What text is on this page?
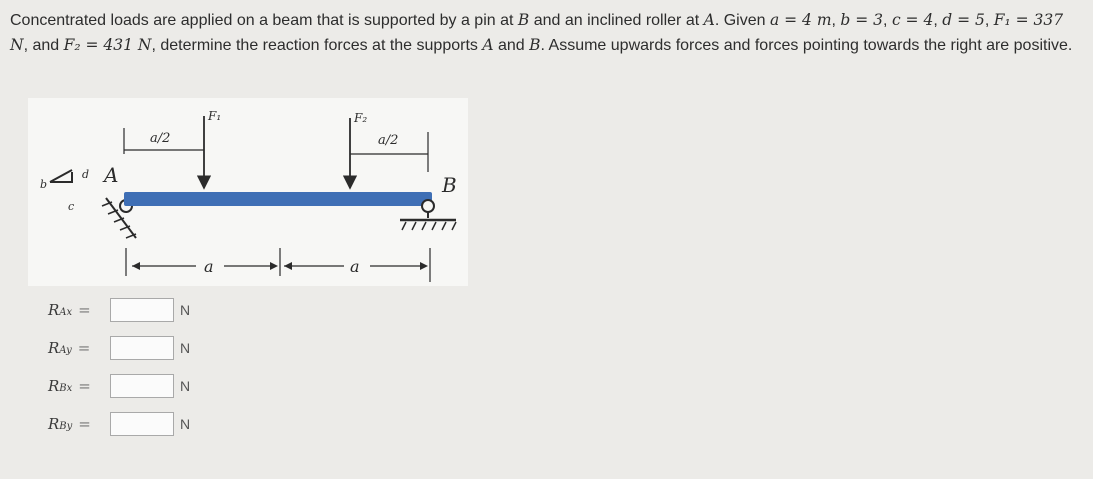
Concentrated loads are applied on a beam that is supported by a pin at B and an inclined roller at A. Given a = 4 m, b = 3, c = 4, d = 5, F₁ = 337 N, and F₂ = 431 N, determine the reaction forces at the supports A and B. Assume upwards forces and forces pointing towards the right are positive.
b
c
d A	B
F₁	F₂
a/2	a/2
a	a
R Ax =	N
R Ay =	N
R Bx =	N
R By =	N
